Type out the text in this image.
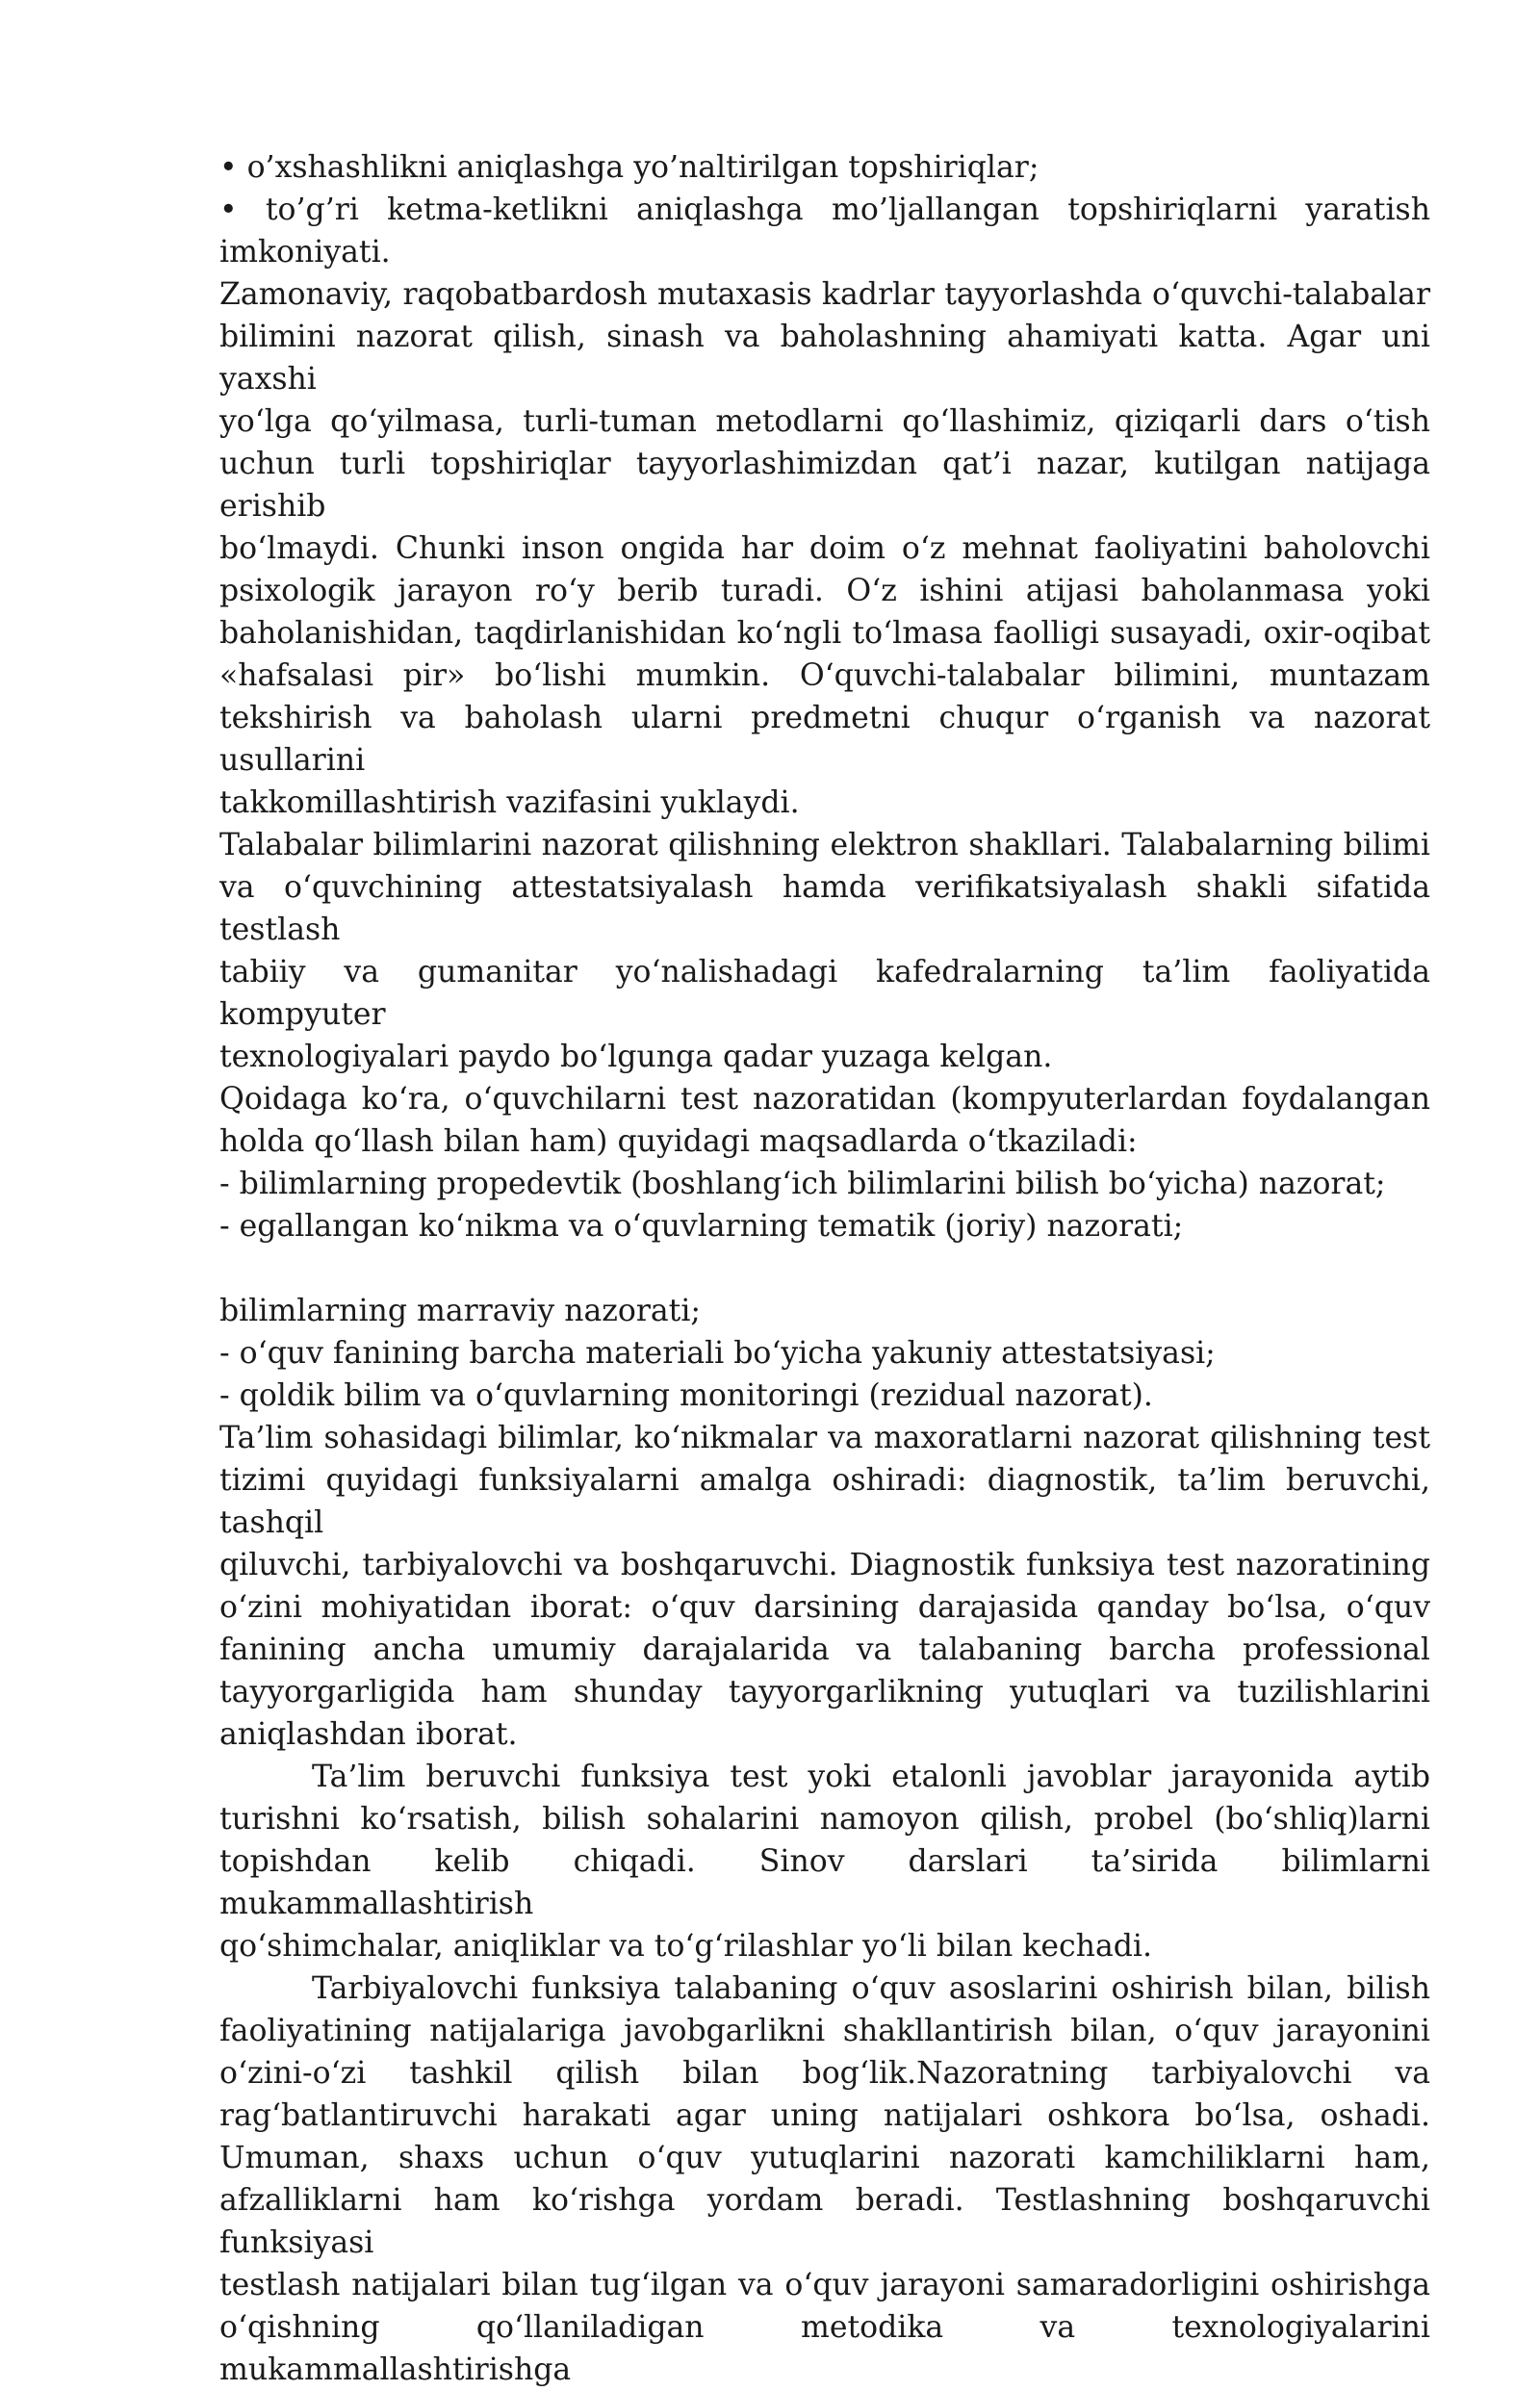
• o’xshashlikni aniqlashga yo’naltirilgan topshiriqlar;
• to’g’ri ketma-ketlikni aniqlashga mo’ljallangan topshiriqlarni yaratish
imkoniyati.
Zamonaviy, raqobatbardosh mutaxasis kadrlar tayyorlashda o‘quvchi-talabalar
bilimini nazorat qilish, sinash va baholashning ahamiyati katta. Agar uni yaxshi
yo‘lga qo‘yilmasa, turli-tuman metodlarni qo‘llashimiz, qiziqarli dars o‘tish
uchun turli topshiriqlar tayyorlashimizdan qat’i nazar, kutilgan natijaga erishib
bo‘lmaydi. Chunki inson ongida har doim o‘z mehnat faoliyatini baholovchi
psixologik jarayon ro‘y berib turadi. O‘z ishini atijasi baholanmasa yoki
baholanishidan, taqdirlanishidan ko‘ngli to‘lmasa faolligi susayadi, oxir-oqibat
«hafsalasi pir» bo‘lishi mumkin. O‘quvchi-talabalar bilimini, muntazam
tekshirish va baholash ularni predmetni chuqur o‘rganish va nazorat usullarini
takkomillashtirish vazifasini yuklaydi.
Talabalar bilimlarini nazorat qilishning elektron shakllari. Talabalarning bilimi
va o‘quvchining attestatsiyalash hamda verifikatsiyalash shakli sifatida testlash
tabiiy va gumanitar yo‘nalishadagi kafedralarning ta’lim faoliyatida kompyuter
texnologiyalari paydo bo‘lgunga qadar yuzaga kelgan.
Qoidaga ko‘ra, o‘quvchilarni test nazoratidan (kompyuterlardan foydalangan
holda qo‘llash bilan ham) quyidagi maqsadlarda o‘tkaziladi:
- bilimlarning propedevtik (boshlang‘ich bilimlarini bilish bo‘yicha) nazorat;
- egallangan ko‘nikma va o‘quvlarning tematik (joriy) nazorati;
bilimlarning marraviy nazorati;
- o‘quv fanining barcha materiali bo‘yicha yakuniy attestatsiyasi;
- qoldik bilim va o‘quvlarning monitoringi (rezidual nazorat).
Ta’lim sohasidagi bilimlar, ko‘nikmalar va maxoratlarni nazorat qilishning test
tizimi quyidagi funksiyalarni amalga oshiradi: diagnostik, ta’lim beruvchi, tashqil
qiluvchi, tarbiyalovchi va boshqaruvchi. Diagnostik funksiya test nazoratining
o‘zini mohiyatidan iborat: o‘quv darsining darajasida qanday bo‘lsa, o‘quv
fanining ancha umumiy darajalarida va talabaning barcha professional
tayyorgarligida ham shunday tayyorgarlikning yutuqlari va tuzilishlarini
aniqlashdan iborat.
Ta’lim beruvchi funksiya test yoki etalonli javoblar jarayonida aytib
turishni ko‘rsatish, bilish sohalarini namoyon qilish, probel (bo‘shliq)larni
topishdan kelib chiqadi. Sinov darslari ta’sirida bilimlarni mukammallashtirish
qo‘shimchalar, aniqliklar va to‘g‘rilashlar yo‘li bilan kechadi.
Tarbiyalovchi funksiya talabaning o‘quv asoslarini oshirish bilan, bilish
faoliyatining natijalariga javobgarlikni shakllantirish bilan, o‘quv jarayonini
o‘zini-o‘zi tashkil qilish bilan bog‘lik.Nazoratning tarbiyalovchi va
rag‘batlantiruvchi harakati agar uning natijalari oshkora bo‘lsa, oshadi.
Umuman, shaxs uchun o‘quv yutuqlarini nazorati kamchiliklarni ham,
afzalliklarni ham ko‘rishga yordam beradi. Testlashning boshqaruvchi funksiyasi
testlash natijalari bilan tug‘ilgan va o‘quv jarayoni samaradorligini oshirishga
o‘qishning qo‘llaniladigan metodika va texnologiyalarini mukammallashtirishga
